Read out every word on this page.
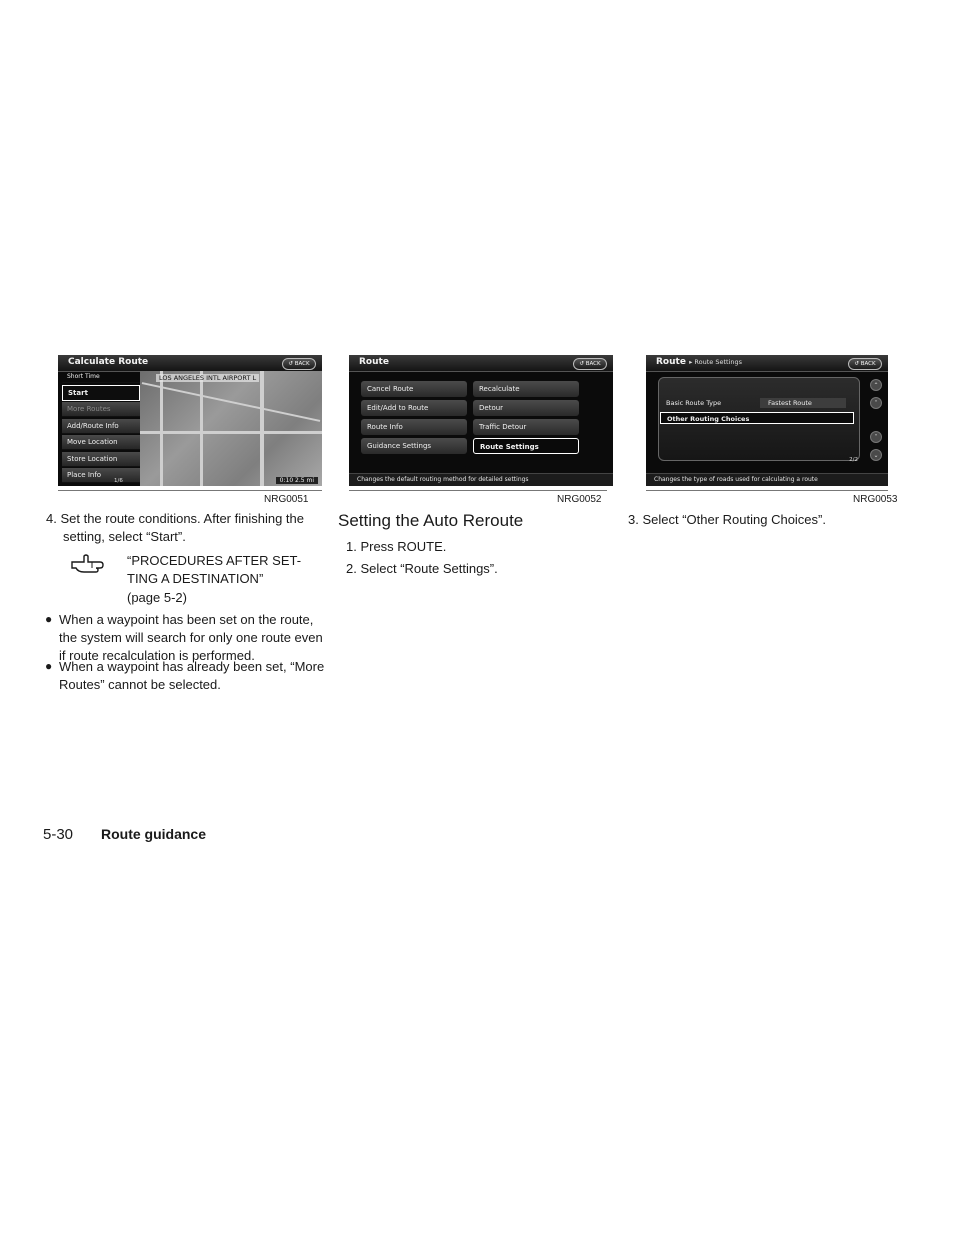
Calculate Route	↺ BACK
LOS ANGELES INTL AIRPORT L
0:10 2.5 mi
Short Time
Start
More Routes
Add/Route Info
Move Location
Store Location
Place Info
1/6
NRG0051
Route	↺ BACK
Cancel Route
Edit/Add to Route
Route Info
Guidance Settings
Recalculate
Detour
Traffic Detour
Route Settings
Changes the default routing method for detailed settings
NRG0052
Route ▸ Route Settings	↺ BACK
Basic Route Type	Fastest Route
Other Routing Choices
⌃
˄
˅
⌄
2/2
Changes the type of roads used for calculating a route
NRG0053
4. Set the route conditions. After finishing the
setting, select “Start”.
“PROCEDURES AFTER SET-
TING A DESTINATION”
(page 5-2)
● When a waypoint has been set on the route,
the system will search for only one route even
if route recalculation is performed.
● When a waypoint has already been set, “More
Routes” cannot be selected.
Setting the Auto Reroute
1. Press ROUTE.
2. Select “Route Settings”.
3. Select “Other Routing Choices”.
5-30 Route guidance
